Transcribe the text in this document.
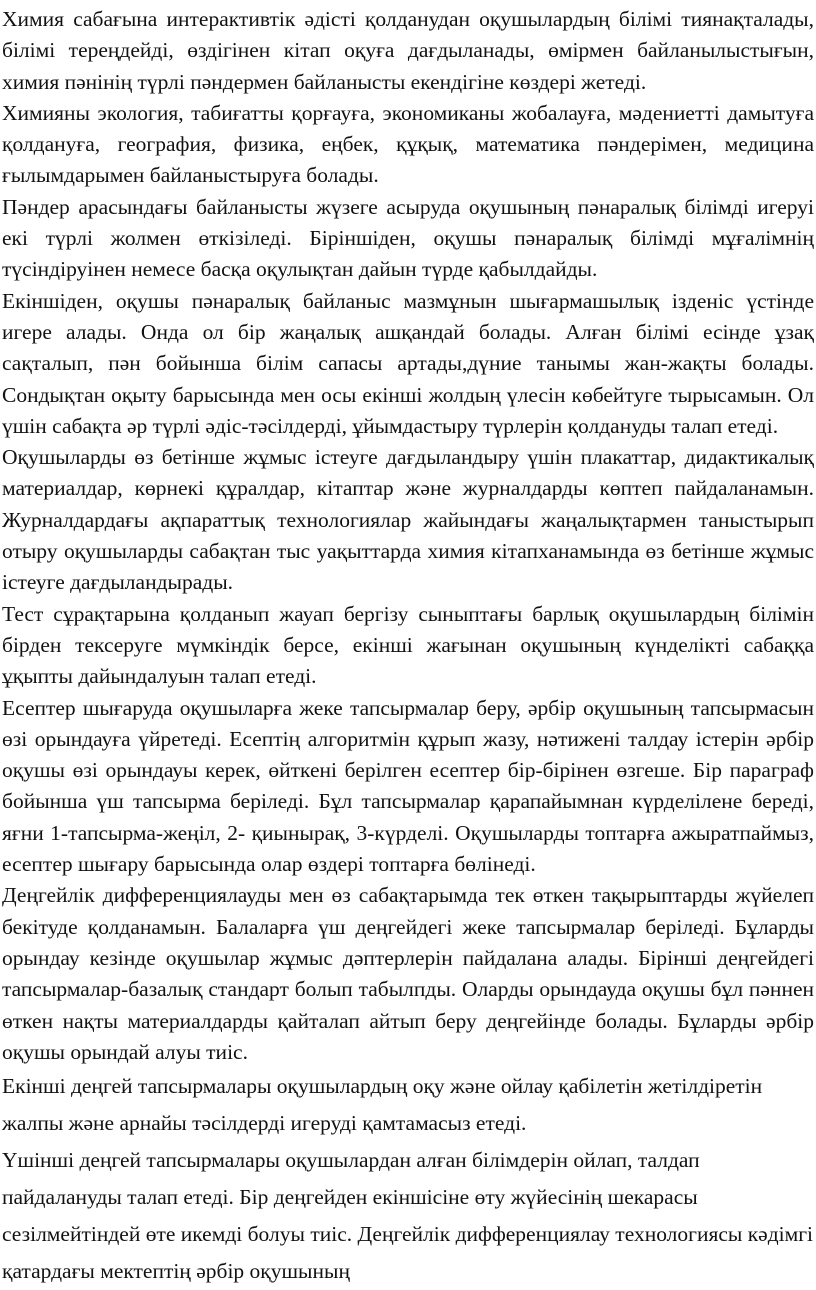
Химия сабағына интерактивтік әдісті қолданудан оқушылардың білімі тиянақталады, білімі тереңдейді, өздігінен кітап оқуға дағдыланады, өмірмен байланылыстығын, химия пәнінің түрлі пәндермен байланысты екендігіне көздері жетеді.

Химияны экология, табиғатты қорғауға, экономиканы жобалауға, мәдениетті дамытуға қолдануға, география, физика, еңбек, құқық, математика пәндерімен, медицина ғылымдарымен байланыстыруға болады.

Пәндер арасындағы байланысты жүзеге асыруда оқушының пәнаралық білімді игеруі екі түрлі жолмен өткізіледі. Біріншіден, оқушы пәнаралық білімді мұғалімнің түсіндіруінен немесе басқа оқулықтан дайын түрде қабылдайды.

Екіншіден, оқушы пәнаралық байланыс мазмұнын шығармашылық ізденіс үстінде игере алады. Онда ол бір жаңалық ашқандай болады. Алған білімі есінде ұзақ сақталып, пән бойынша білім сапасы артады,дүние танымы жан-жақты болады. Сондықтан оқыту барысында мен осы екінші жолдың үлесін көбейтуге тырысамын. Ол үшін сабақта әр түрлі әдіс-тәсілдерді, ұйымдастыру түрлерін қолдануды талап етеді.

Оқушыларды өз бетінше жұмыс істеуге дағдыландыру үшін плакаттар, дидактикалық материалдар, көрнекі құралдар, кітаптар және журналдарды көптеп пайдаланамын. Журналдардағы ақпараттық технологиялар жайындағы жаңалықтармен таныстырып отыру оқушыларды сабақтан тыс уақыттарда химия кітапханамында өз бетінше жұмыс істеуге дағдыландырады.

Тест сұрақтарына қолданып жауап бергізу сыныптағы барлық оқушылардың білімін бірден тексеруге мүмкіндік берсе, екінші жағынан оқушының күнделікті сабаққа ұқыпты дайындалуын талап етеді.

Есептер шығаруда оқушыларға жеке тапсырмалар беру, әрбір оқушының тапсырмасын өзі орындауға үйретеді. Есептің алгоритмін құрып жазу, нәтижені талдау істерін әрбір оқушы өзі орындауы керек, өйткені берілген есептер бір-бірінен өзгеше. Бір параграф бойынша үш тапсырма беріледі. Бұл тапсырмалар қарапайымнан күрделілене береді, яғни 1-тапсырма-жеңіл, 2- қиынырақ, 3-күрделі. Оқушыларды топтарға ажыратпаймыз, есептер шығару барысында олар өздері топтарға бөлінеді.

Деңгейлік дифференциялауды мен өз сабақтарымда тек өткен тақырыптарды жүйелеп бекітуде қолданамын. Балаларға үш деңгейдегі жеке тапсырмалар беріледі. Бұларды орындау кезінде оқушылар жұмыс дәптерлерін пайдалана алады. Бірінші деңгейдегі тапсырмалар-базалық стандарт болып табылпды. Оларды орындауда оқушы бұл пәннен өткен нақты материалдарды қайталап айтып беру деңгейінде болады. Бұларды әрбір оқушы орындай алуы тиіс.

Екінші деңгей тапсырмалары оқушылардың оқу және ойлау қабілетін жетілдіретін жалпы және арнайы тәсілдерді игеруді қамтамасыз етеді.

Үшінші деңгей тапсырмалары оқушылардан алған білімдерін ойлап, талдап пайдалануды талап етеді. Бір деңгейден екіншісіне өту жүйесінің шекарасы сезілмейтіндей өте икемді болуы тиіс. Деңгейлік дифференциялау технологиясы кәдімгі қатардағы мектептің әрбір оқушының
